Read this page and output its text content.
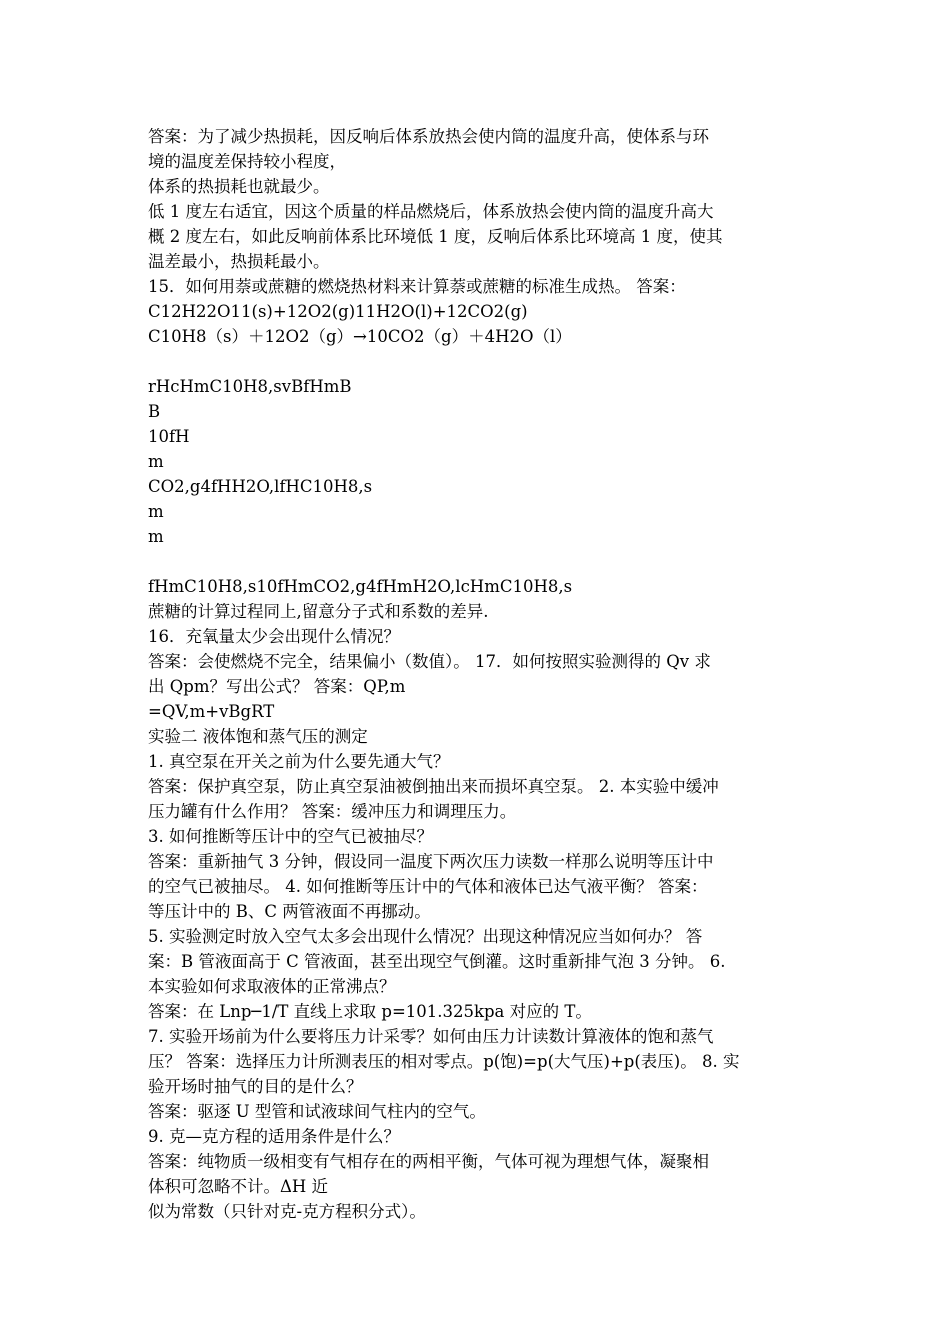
答案：为了减少热损耗，因反响后体系放热会使内筒的温度升高，使体系与环
境的温度差保持较小程度，
体系的热损耗也就最少。
低 1 度左右适宜，因这个质量的样品燃烧后，体系放热会使内筒的温度升高大
概 2 度左右，如此反响前体系比环境低 1 度，反响后体系比环境高 1 度，使其
温差最小，热损耗最小。
15．如何用萘或蔗糖的燃烧热材料来计算萘或蔗糖的标准生成热。 答案：
C12H22O11(s)+12O2(g)11H2O(l)+12CO2(g)
C10H8（s）＋12O2（g）→10CO2（g）＋4H2O（l）
rHcHmC10H8,svBfHmB
B
10fH
m
CO2,g4fHH2O,lfHC10H8,s
m
m
fHmC10H8,s10fHmCO2,g4fHmH2O,lcHmC10H8,s
蔗糖的计算过程同上,留意分子式和系数的差异.
16．充氧量太少会出现什么情况？
答案：会使燃烧不完全，结果偏小（数值）。 17．如何按照实验测得的 Qv 求
出 Qpm？写出公式？ 答案：QP,m
=QV,m+vBgRT
实验二 液体饱和蒸气压的测定
1. 真空泵在开关之前为什么要先通大气？
答案：保护真空泵，防止真空泵油被倒抽出来而损坏真空泵。 2. 本实验中缓冲
压力罐有什么作用？ 答案：缓冲压力和调理压力。
3. 如何推断等压计中的空气已被抽尽？
答案：重新抽气 3 分钟，假设同一温度下两次压力读数一样那么说明等压计中
的空气已被抽尽。 4. 如何推断等压计中的气体和液体已达气液平衡？ 答案：
等压计中的 B、C 两管液面不再挪动。
5. 实验测定时放入空气太多会出现什么情况？出现这种情况应当如何办？ 答
案：B 管液面高于 C 管液面，甚至出现空气倒灌。这时重新排气泡 3 分钟。 6.
本实验如何求取液体的正常沸点？
答案：在 Lnp─1/T 直线上求取 p=101.325kpa 对应的 T。
7. 实验开场前为什么要将压力计采零？如何由压力计读数计算液体的饱和蒸气
压？ 答案：选择压力计所测表压的相对零点。p(饱)=p(大气压)+p(表压)。 8. 实
验开场时抽气的目的是什么？
答案：驱逐 U 型管和试液球间气柱内的空气。
9. 克—克方程的适用条件是什么？
答案：纯物质一级相变有气相存在的两相平衡，气体可视为理想气体，凝聚相
体积可忽略不计。ΔH 近
似为常数（只针对克-克方程积分式）。
